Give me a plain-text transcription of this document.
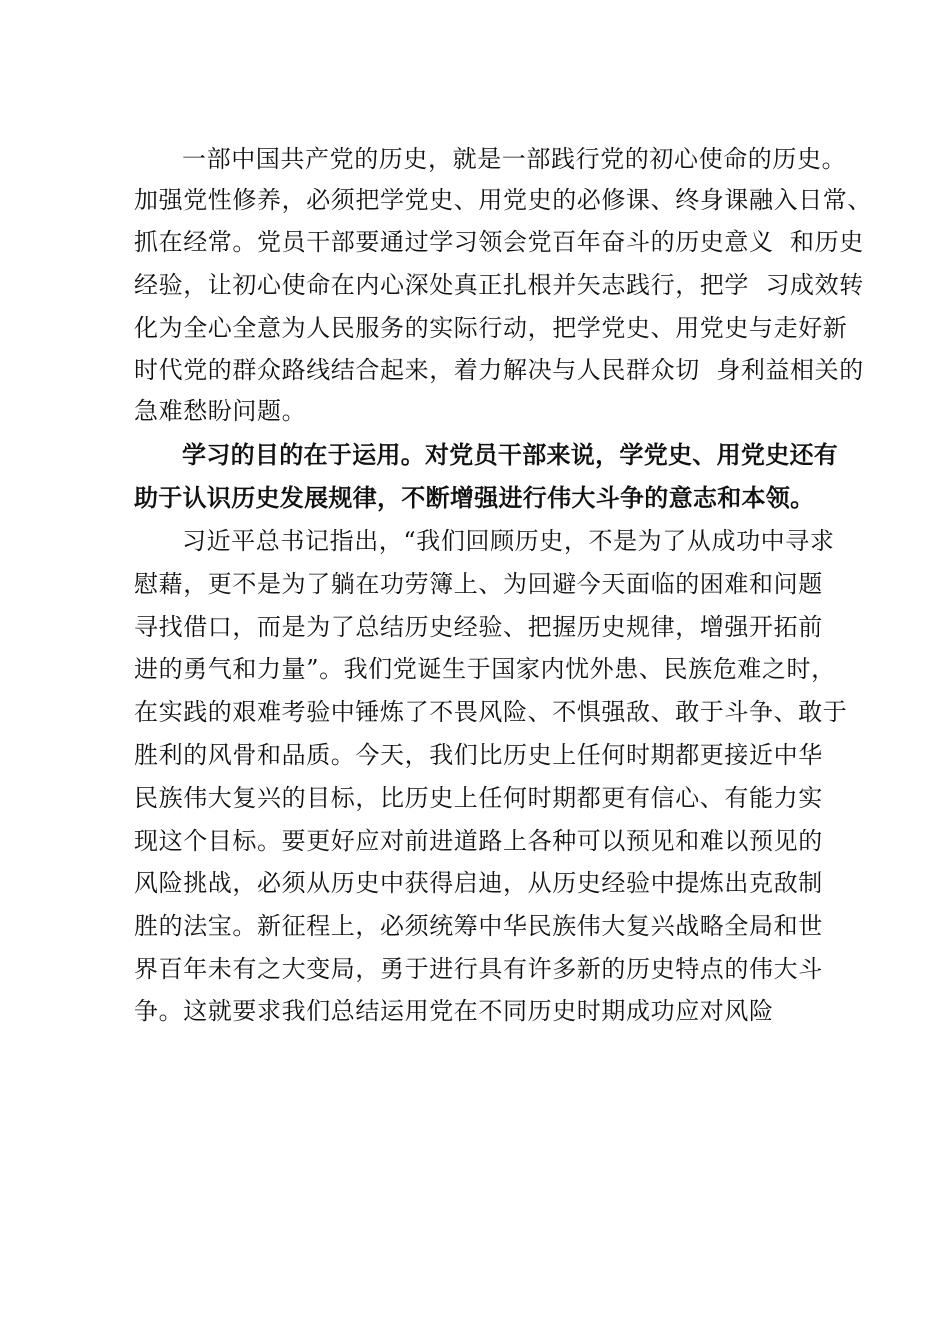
一部中国共产党的历史，就是一部践行党的初心使命的历史。
加强党性修养，必须把学党史、用党史的必修课、终身课融入日常、
抓在经常。党员干部要通过学习领会党百年奋斗的历史意义  和历史
经验，让初心使命在内心深处真正扎根并矢志践行，把学  习成效转
化为全心全意为人民服务的实际行动，把学党史、用党史与走好新
时代党的群众路线结合起来，着力解决与人民群众切  身利益相关的
急难愁盼问题。
学习的目的在于运用。对党员干部来说，学党史、用党史还有
助于认识历史发展规律，不断增强进行伟大斗争的意志和本领。
习近平总书记指出，“我们回顾历史，不是为了从成功中寻求
慰藉，更不是为了躺在功劳簿上、为回避今天面临的困难和问题
寻找借口，而是为了总结历史经验、把握历史规律，增强开拓前
进的勇气和力量”。我们党诞生于国家内忧外患、民族危难之时，
在实践的艰难考验中锤炼了不畏风险、不惧强敌、敢于斗争、敢于
胜利的风骨和品质。今天，我们比历史上任何时期都更接近中华
民族伟大复兴的目标，比历史上任何时期都更有信心、有能力实
现这个目标。要更好应对前进道路上各种可以预见和难以预见的
风险挑战，必须从历史中获得启迪，从历史经验中提炼出克敌制
胜的法宝。新征程上，必须统筹中华民族伟大复兴战略全局和世
界百年未有之大变局，勇于进行具有许多新的历史特点的伟大斗
争。这就要求我们总结运用党在不同历史时期成功应对风险
